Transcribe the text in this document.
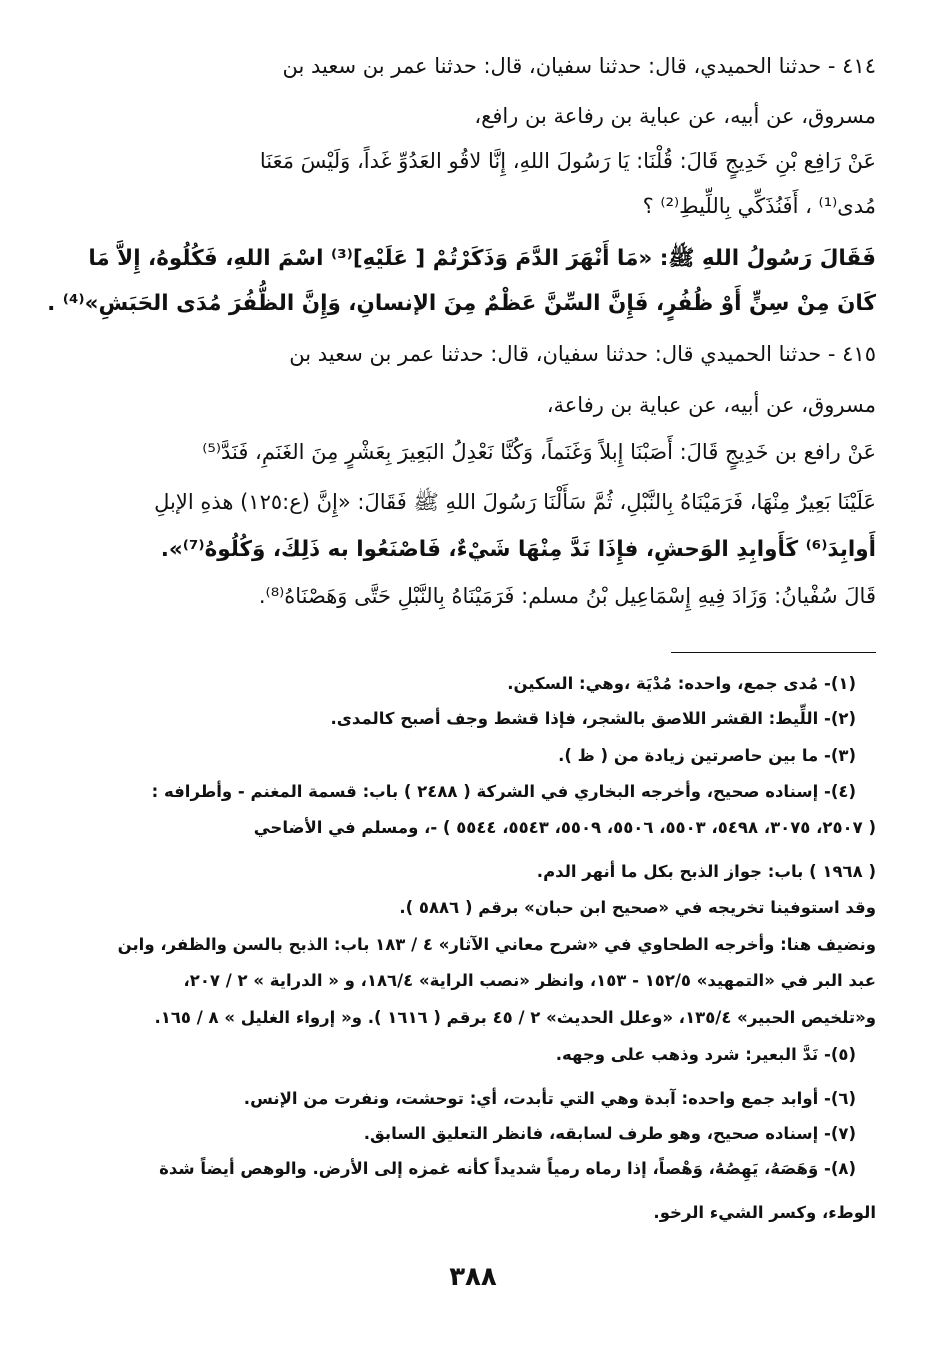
٤١٤ - حدثنا الحميدي، قال: حدثنا سفيان، قال: حدثنا عمر بن سعيد بن
مسروق، عن أبيه، عن عباية بن رفاعة بن رافع،
عَنْ رَافِع بْنِ خَدِيجٍ قَالَ: قُلْنَا: يَا رَسُولَ اللهِ، إِنَّا لاقُو العَدُوِّ غَداً، وَلَيْسَ مَعَنَا
مُدى⁽¹⁾ ، أَفَنُذَكِّي بِاللِّيطِ⁽²⁾ ؟
فَقَالَ رَسُولُ اللهِ ﷺ: «مَا أَنْهَرَ الدَّمَ وَذَكَرْتُمْ [ عَلَيْهِ]⁽³⁾ اسْمَ اللهِ، فَكُلُوهُ، إِلاَّ مَا
كَانَ مِنْ سِنٍّ أَوْ ظُفُرٍ، فَإِنَّ السِّنَّ عَظْمٌ مِنَ الإنسانِ، وَإِنَّ الظُّفُرَ مُدَى الحَبَشِ»⁽⁴⁾ .
٤١٥ - حدثنا الحميدي قال: حدثنا سفيان، قال: حدثنا عمر بن سعيد بن
مسروق، عن أبيه، عن عباية بن رفاعة،
عَنْ رافع بن خَدِيجٍ قَالَ: أَصَبْنَا إِبلاً وَغَنَماً، وَكُنَّا نَعْدِلُ البَعِيرَ بِعَشْرٍ مِنَ الغَنَمِ، فَنَدَّ⁽⁵⁾
عَلَيْنَا بَعِيرٌ مِنْهَا، فَرَمَيْنَاهُ بِالنَّبْلِ، ثُمَّ سَأَلْنَا رَسُولَ اللهِ ﷺ فَقَالَ: «إِنَّ (ع:١٢٥) هذهِ الإبلِ
أَوابِدَ⁽⁶⁾ كَأَوابِدِ الوَحشِ، فإِذَا نَدَّ مِنْهَا شَيْءٌ، فَاصْنَعُوا به ذَلِكَ، وَكُلُوهُ⁽⁷⁾».
قَالَ سُفْيانُ: وَزَادَ فِيهِ إِسْمَاعِيل بْنُ مسلم: فَرَمَيْنَاهُ بِالنَّبْلِ حَتَّى وَهَصْنَاهُ⁽⁸⁾.
(١)- مُدى جمع، واحده: مُدْيَة ،وهي: السكين.
(٢)- اللِّيط: القشر اللاصق بالشجر، فإذا قشط وجف أصبح كالمدى.
(٣)- ما بين حاصرتين زيادة من ( ظ ).
(٤)- إسناده صحيح، وأخرجه البخاري في الشركة ( ٢٤٨٨ ) باب: قسمة المغنم - وأطرافه :
( ٢٥٠٧، ٣٠٧٥، ٥٤٩٨، ٥٥٠٣، ٥٥٠٦، ٥٥٠٩، ٥٥٤٣، ٥٥٤٤ ) -، ومسلم في الأضاحي
( ١٩٦٨ ) باب: جواز الذبح بكل ما أنهر الدم.
وقد استوفينا تخريجه في «صحيح ابن حبان» برقم ( ٥٨٨٦ ).
ونضيف هنا: وأخرجه الطحاوي في «شرح معاني الآثار» ٤ / ١٨٣ باب: الذبح بالسن والظفر، وابن
عبد البر في «التمهيد» ١٥٢/٥ - ١٥٣، وانظر «نصب الراية» ١٨٦/٤، و « الدراية » ٢ / ٢٠٧،
و«تلخيص الحبير» ١٣٥/٤، «وعلل الحديث» ٢ / ٤٥ برقم ( ١٦١٦ ). و« إرواء الغليل » ٨ / ١٦٥.
(٥)- نَدَّ البعير: شرد وذهب على وجهه.
(٦)- أوابد جمع واحده: آبدة وهي التي تأبدت، أي: توحشت، ونفرت من الإنس.
(٧)- إسناده صحيح، وهو طرف لسابقه، فانظر التعليق السابق.
(٨)- وَهَصَهُ، يَهِصُهُ، وَهْصاً، إذا رماه رمياً شديداً كأنه غمزه إلى الأرض. والوهص أيضاً شدة
الوطء، وكسر الشيء الرخو.
٣٨٨
